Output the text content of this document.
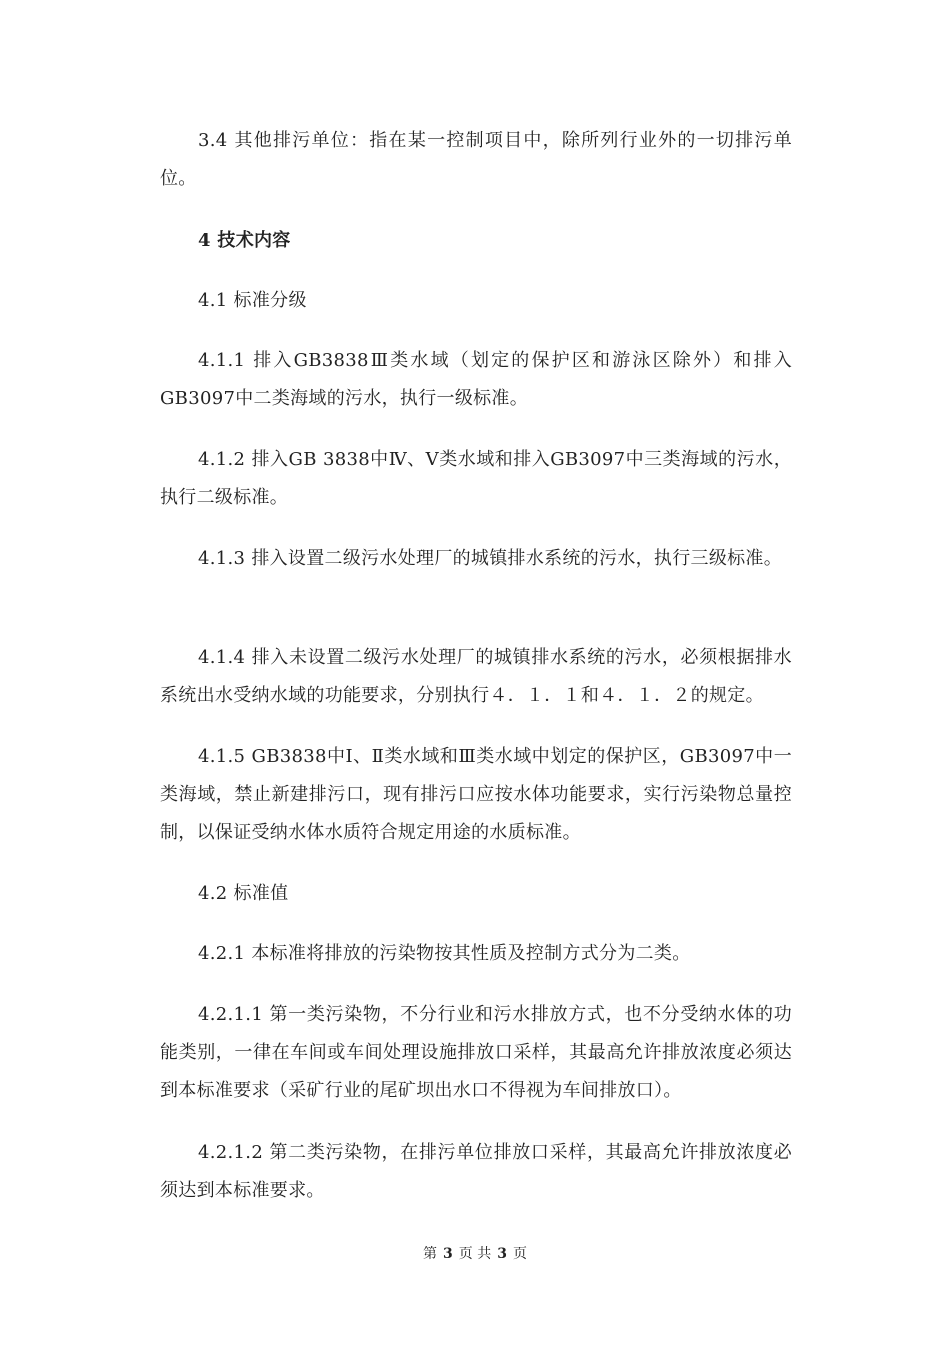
3.4 其他排污单位：指在某一控制项目中，除所列行业外的一切排污单位。

4 技术内容

4.1 标准分级

4.1.1 排入GB3838Ⅲ类水域（划定的保护区和游泳区除外）和排入GB3097中二类海域的污水，执行一级标准。

4.1.2 排入GB 3838中Ⅳ、Ⅴ类水域和排入GB3097中三类海域的污水，执行二级标准。

4.1.3 排入设置二级污水处理厂的城镇排水系统的污水，执行三级标准。

4.1.4 排入未设置二级污水处理厂的城镇排水系统的污水，必须根据排水系统出水受纳水域的功能要求，分别执行４．１．１和４．１．２的规定。

4.1.5 GB3838中Ⅰ、Ⅱ类水域和Ⅲ类水域中划定的保护区，GB3097中一类海域，禁止新建排污口，现有排污口应按水体功能要求，实行污染物总量控制，以保证受纳水体水质符合规定用途的水质标准。

4.2 标准值

4.2.1 本标准将排放的污染物按其性质及控制方式分为二类。

4.2.1.1 第一类污染物，不分行业和污水排放方式，也不分受纳水体的功能类别，一律在车间或车间处理设施排放口采样，其最高允许排放浓度必须达到本标准要求（采矿行业的尾矿坝出水口不得视为车间排放口）。

4.2.1.2 第二类污染物，在排污单位排放口采样，其最高允许排放浓度必须达到本标准要求。

第 3 页 共 3 页
